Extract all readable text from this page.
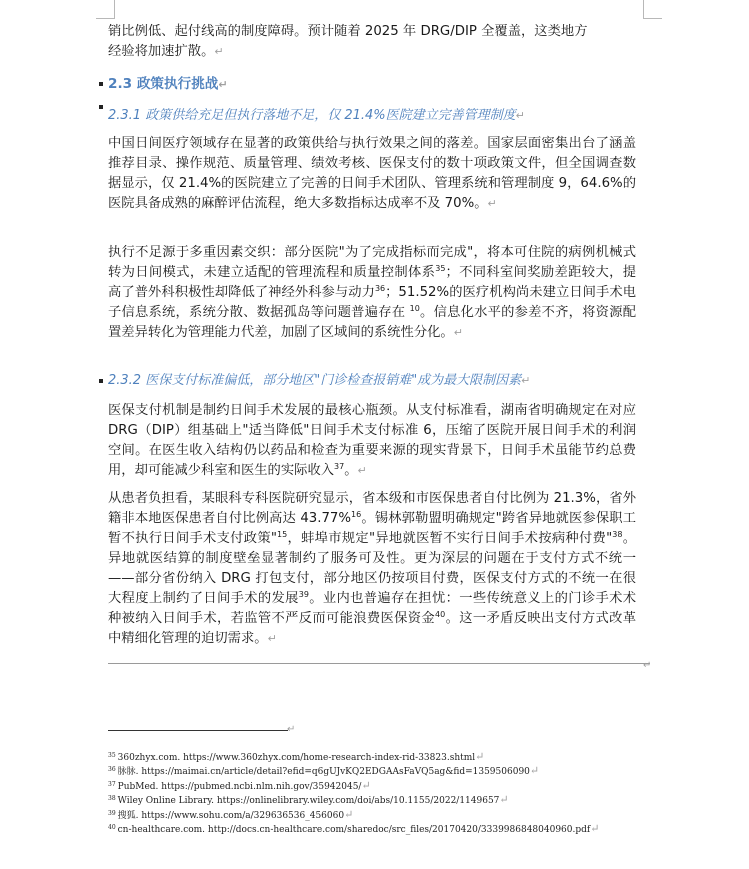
销比例低、起付线高的制度障碍。预计随着 2025 年 DRG/DIP 全覆盖，这类地方
经验将加速扩散。↵

2.3 政策执行挑战↵
2.3.1 政策供给充足但执行落地不足，仅 21.4%医院建立完善管理制度↵

中国日间医疗领域存在显著的政策供给与执行效果之间的落差。国家层面密集出台了涵盖推荐目录、操作规范、质量管理、绩效考核、医保支付的数十项政策文件，但全国调查数据显示，仅 21.4%的医院建立了完善的日间手术团队、管理系统和管理制度 9，64.6%的医院具备成熟的麻醉评估流程，绝大多数指标达成率不及 70%。↵

执行不足源于多重因素交织：部分医院"为了完成指标而完成"，将本可住院的病例机械式转为日间模式，未建立适配的管理流程和质量控制体系$^{35}$；不同科室间奖励差距较大，提高了普外科积极性却降低了神经外科参与动力$^{36}$；51.52%的医疗机构尚未建立日间手术电子信息系统，系统分散、数据孤岛等问题普遍存在 $^{10}$。信息化水平的参差不齐，将资源配置差异转化为管理能力代差，加剧了区域间的系统性分化。↵

2.3.2 医保支付标准偏低，部分地区"门诊检查报销难"成为最大限制因素↵

医保支付机制是制约日间手术发展的最核心瓶颈。从支付标准看，湖南省明确规定在对应 DRG（DIP）组基础上"适当降低"日间手术支付标准 6，压缩了医院开展日间手术的利润空间。在医生收入结构仍以药品和检查为重要来源的现实背景下，日间手术虽能节约总费用，却可能减少科室和医生的实际收入$^{37}$。↵

从患者负担看，某眼科专科医院研究显示，省本级和市医保患者自付比例为 21.3%，省外籍非本地医保患者自付比例高达 43.77%$^{16}$。锡林郭勒盟明确规定"跨省异地就医参保职工暂不执行日间手术支付政策"$^{15}$，蚌埠市规定"异地就医暂不实行日间手术按病种付费"$^{38}$。异地就医结算的制度壁垒显著制约了服务可及性。更为深层的问题在于支付方式不统一——部分省份纳入 DRG 打包支付，部分地区仍按项目付费，医保支付方式的不统一在很大程度上制约了日间手术的发展$^{39}$。业内也普遍存在担忧：一些传统意义上的门诊手术术种被纳入日间手术，若监管不严反而可能浪费医保资金$^{40}$。这一矛盾反映出支付方式改革中精细化管理的迫切需求。↵

↵
↵
$^{35}$ 360zhyx.com. https://www.360zhyx.com/home-research-index-rid-33823.shtml↵
$^{36}$ 脉脉. https://maimai.cn/article/detail?efid=q6gUJvKQ2EDGAAsFaVQ5ag&fid=1359506090↵
$^{37}$ PubMed. https://pubmed.ncbi.nlm.nih.gov/35942045/↵
$^{38}$ Wiley Online Library. https://onlinelibrary.wiley.com/doi/abs/10.1155/2022/1149657↵
$^{39}$ 搜狐. https://www.sohu.com/a/329636536_456060↵
$^{40}$ cn-healthcare.com. http://docs.cn-healthcare.com/sharedoc/src_files/20170420/3339986848040960.pdf↵
